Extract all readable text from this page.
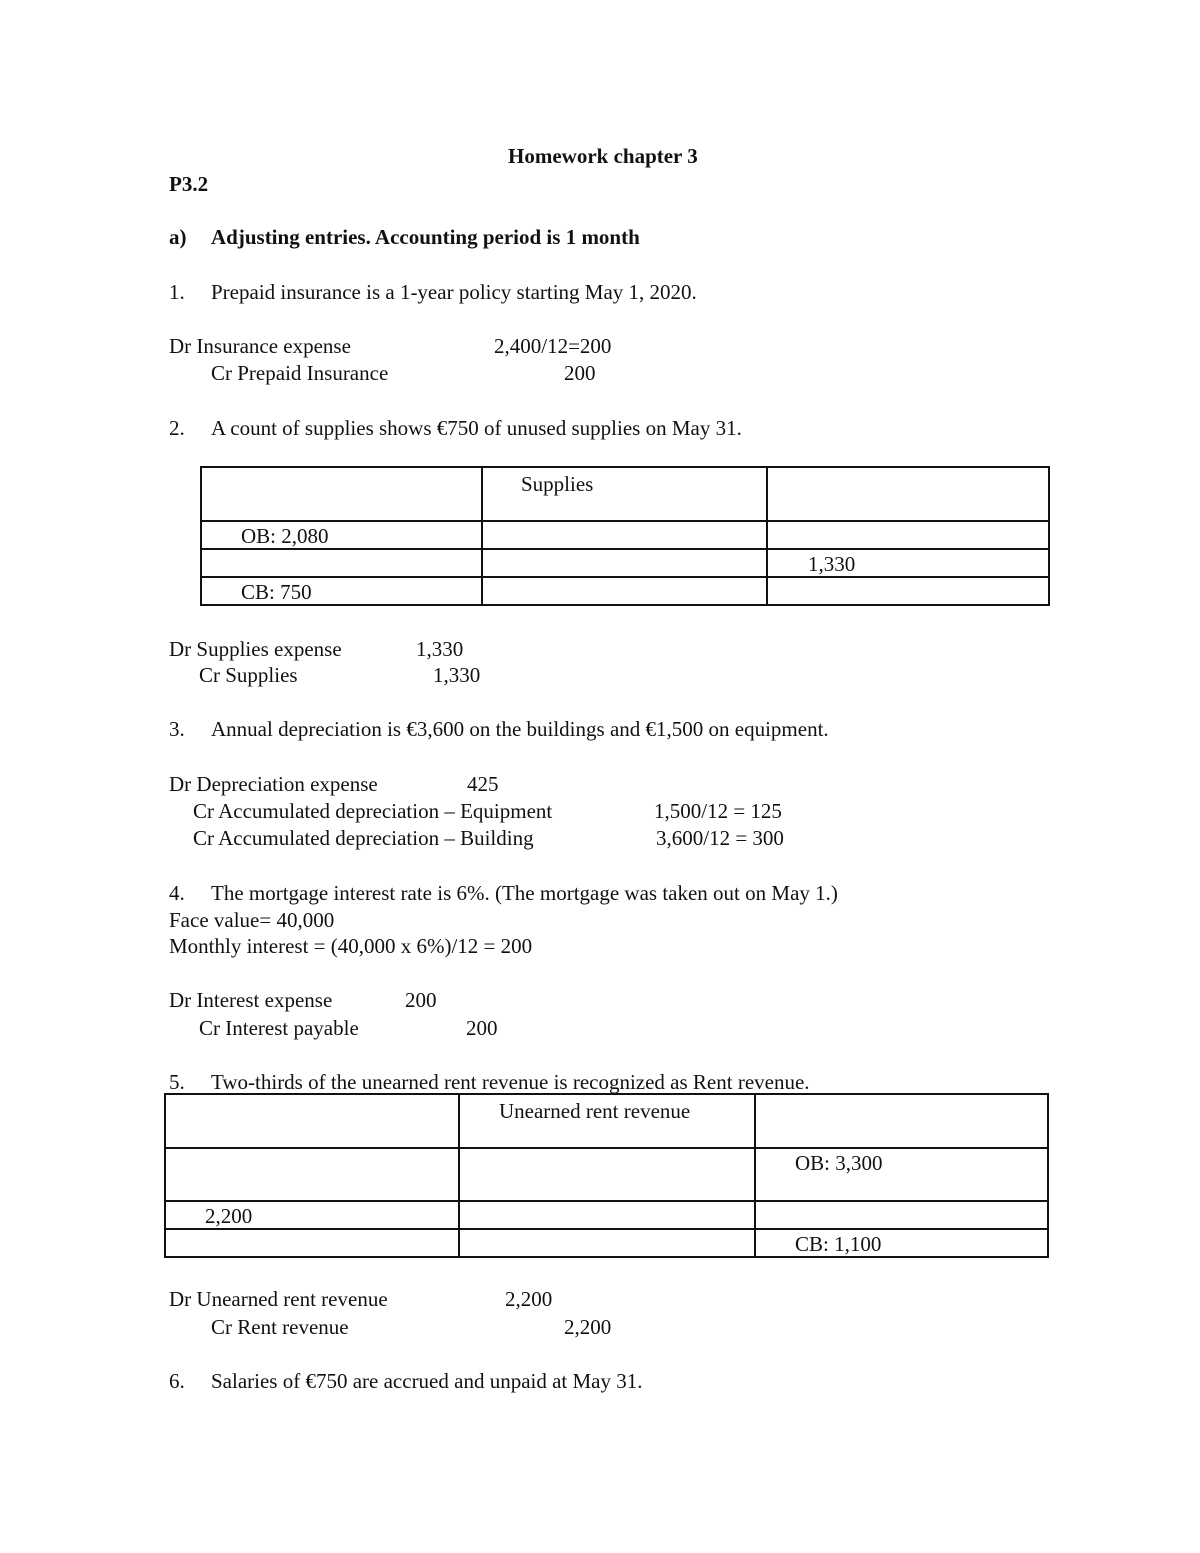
Homework chapter 3
P3.2
a) Adjusting entries. Accounting period is 1 month
1. Prepaid insurance is a 1-year policy starting May 1, 2020.
Dr Insurance expense	2,400/12=200
Cr Prepaid Insurance	200
2. A count of supplies shows €750 of unused supplies on May 31.

	Supplies	

OB: 2,080		

		1,330

CB: 750		

Dr Supplies expense	1,330
Cr Supplies	1,330
3. Annual depreciation is €3,600 on the buildings and €1,500 on equipment.
Dr Depreciation expense	425
Cr Accumulated depreciation – Equipment	1,500/12 = 125
Cr Accumulated depreciation – Building	3,600/12 = 300
4. The mortgage interest rate is 6%. (The mortgage was taken out on May 1.)
Face value= 40,000
Monthly interest = (40,000 x 6%)/12 = 200
Dr Interest expense	200
Cr Interest payable	200
5. Two-thirds of the unearned rent revenue is recognized as Rent revenue.

	Unearned rent revenue	

		OB: 3,300

2,200		

		CB: 1,100
Dr Unearned rent revenue	2,200
Cr Rent revenue	2,200
6. Salaries of €750 are accrued and unpaid at May 31.
